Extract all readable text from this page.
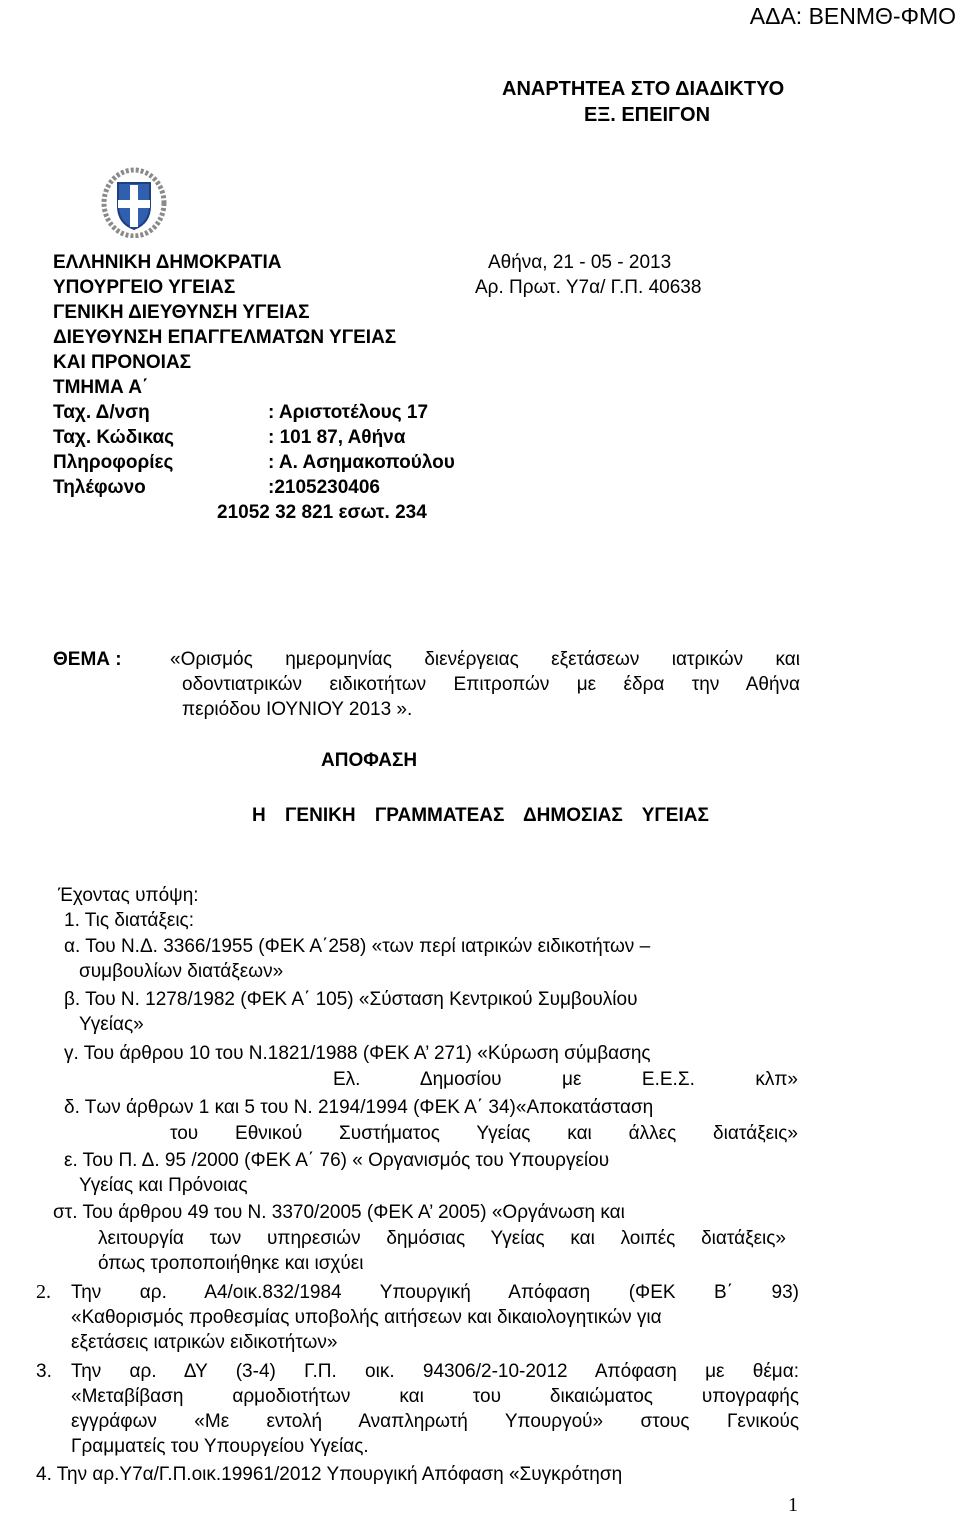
ΑΔΑ: ΒΕΝΜΘ-ΦΜΟ
ΑΝΑΡΤΗΤΕΑ ΣΤΟ ΔΙΑΔΙΚΤΥΟ
ΕΞ. ΕΠΕΙΓΟΝ
ΕΛΛΗΝΙΚΗ ΔΗΜΟΚΡΑΤΙΑ
ΥΠΟΥΡΓΕΙΟ ΥΓΕΙΑΣ
ΓΕΝΙΚΗ ΔΙΕΥΘΥΝΣΗ ΥΓΕΙΑΣ
ΔΙΕΥΘΥΝΣΗ ΕΠΑΓΓΕΛΜΑΤΩΝ ΥΓΕΙΑΣ
ΚΑΙ ΠΡΟΝΟΙΑΣ
ΤΜΗΜΑ Α΄
Αθήνα, 21 - 05 - 2013
Αρ. Πρωτ. Υ7α/ Γ.Π. 40638
Ταχ. Δ/νση	: Αριστοτέλους 17
Ταχ. Κώδικας	: 101 87, Αθήνα
Πληροφορίες	: Α. Ασημακοπούλου
Τηλέφωνο	:2105230406
21052 32 821 εσωτ. 234
ΘΕΜΑ :	«Ορισμός ημερομηνίας διενέργειας εξετάσεων ιατρικών και
οδοντιατρικών ειδικοτήτων Επιτροπών με έδρα την Αθήνα
περιόδου ΙΟΥΝΙΟΥ 2013 ».
ΑΠΟΦΑΣΗ
Η ΓΕΝΙΚΗ ΓΡΑΜΜΑΤΕΑΣ ΔΗΜΟΣΙΑΣ ΥΓΕΙΑΣ
Έχοντας υπόψη:
1. Τις διατάξεις:
α. Του Ν.Δ. 3366/1955 (ΦΕΚ Α΄258) «των περί ιατρικών ειδικοτήτων –
συμβουλίων διατάξεων»
β. Του Ν. 1278/1982 (ΦΕΚ Α΄ 105) «Σύσταση Κεντρικού Συμβουλίου
Υγείας»
γ. Του άρθρου 10 του Ν.1821/1988 (ΦΕΚ Α’ 271) «Κύρωση σύμβασης
Ελ. Δημοσίου με Ε.Ε.Σ. κλπ»
δ. Των άρθρων 1 και 5 του Ν. 2194/1994 (ΦΕΚ Α΄ 34)«Αποκατάσταση
του Εθνικού Συστήματος Υγείας και άλλες διατάξεις»
ε. Του Π. Δ. 95 /2000 (ΦΕΚ Α΄ 76) « Οργανισμός του Υπουργείου
Υγείας και Πρόνοιας
στ. Του άρθρου 49 του Ν. 3370/2005 (ΦΕΚ Α’ 2005) «Οργάνωση και
λειτουργία των υπηρεσιών δημόσιας Υγείας και λοιπές διατάξεις»
όπως τροποποιήθηκε και ισχύει
2. Την αρ. Α4/οικ.832/1984 Υπουργική Απόφαση (ΦΕΚ Β΄ 93)
«Καθορισμός προθεσμίας υποβολής αιτήσεων και δικαιολογητικών για
εξετάσεις ιατρικών ειδικοτήτων»
3. Την αρ. ΔΥ (3-4) Γ.Π. οικ. 94306/2-10-2012 Απόφαση με θέμα:
«Μεταβίβαση αρμοδιοτήτων και του δικαιώματος υπογραφής
εγγράφων «Με εντολή Αναπληρωτή Υπουργού» στους Γενικούς
Γραμματείς του Υπουργείου Υγείας.
4. Την αρ.Υ7α/Γ.Π.οικ.19961/2012 Υπουργική Απόφαση «Συγκρότηση
1
